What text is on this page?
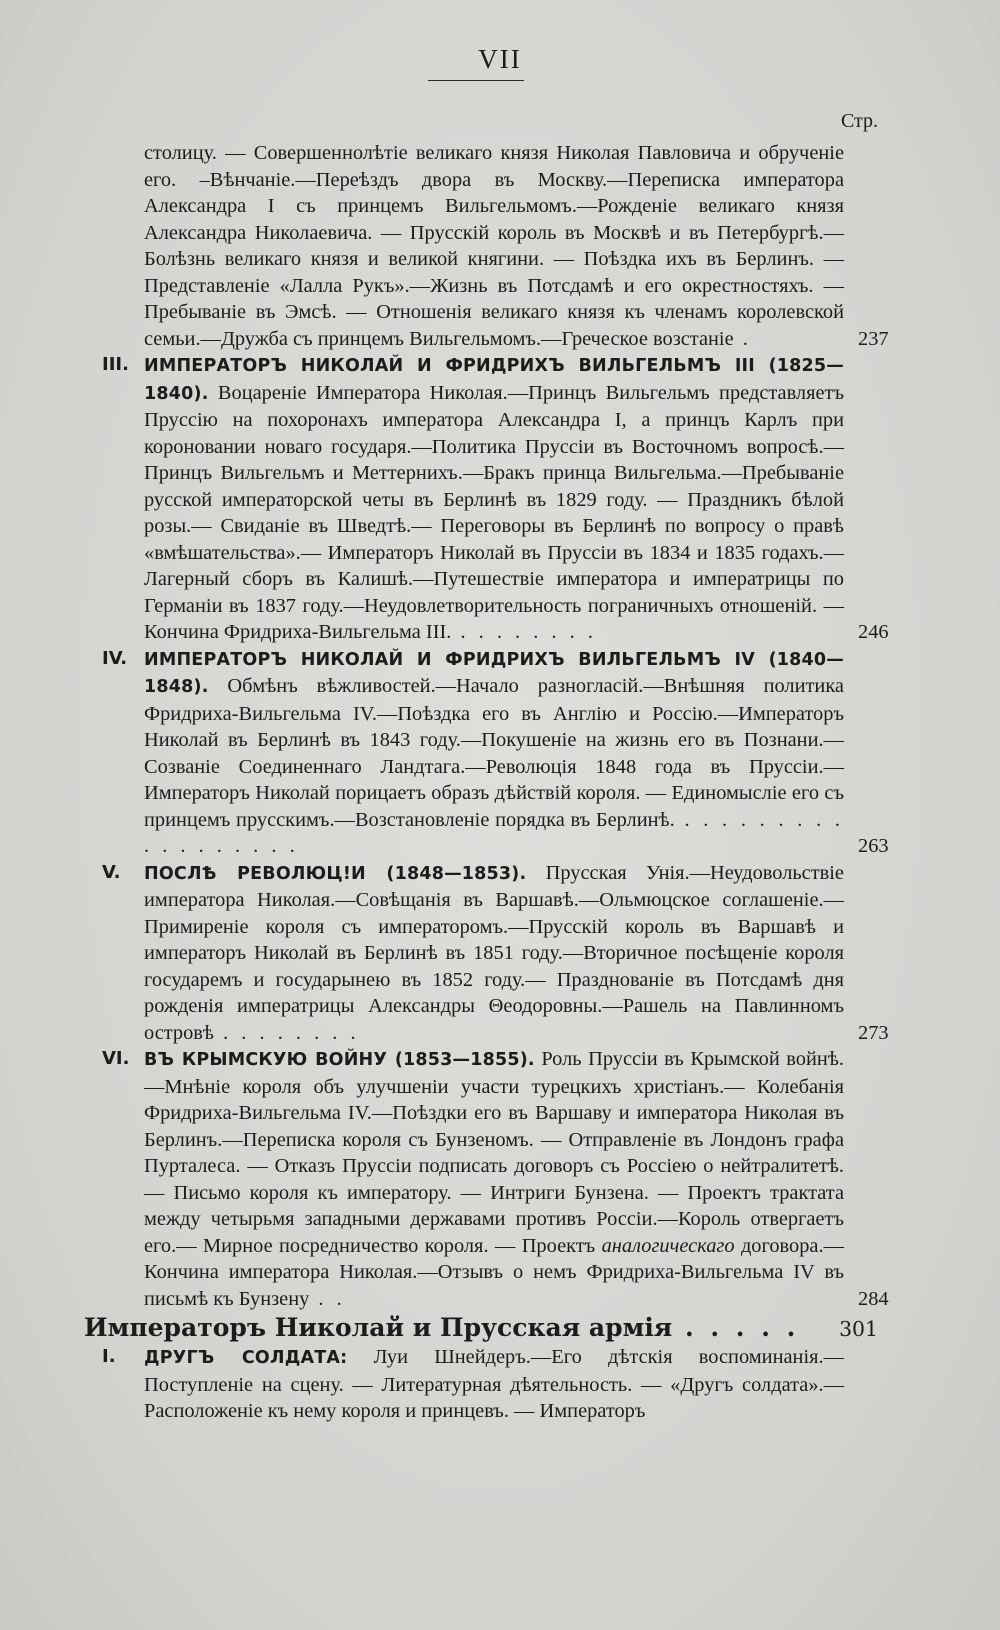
VII
Стр.
столицу. — Совершеннолѣтіе великаго князя Николая Павловича и обрученіе его. –Вѣнчаніе.—Переѣздъ двора въ Москву.—Переписка императора Александра I съ принцемъ Вильгельмомъ.—Рожденіе великаго князя Александра Николаевича. — Прусскій король въ Москвѣ и въ Петербургѣ.—Болѣзнь великаго князя и великой княгини. — Поѣздка ихъ въ Берлинъ. — Представленіе «Лалла Рукъ».—Жизнь въ Потсдамѣ и его окрестностяхъ. — Пребываніе въ Эмсѣ. — Отношенія великаго князя къ членамъ королевской семьи.—Дружба съ принцемъ Вильгельмомъ.—Греческое возстаніе .	237
III. ИМПЕРАТОРЪ НИКОЛАЙ И ФРИДРИХЪ ВИЛЬГЕЛЬМЪ III (1825—1840). Воцареніе Императора Николая.—Принцъ Вильгельмъ представляетъ Пруссію на похоронахъ императора Александра I, а принцъ Карлъ при короновании новаго государя.—Политика Пруссіи въ Восточномъ вопросѣ.—Принцъ Вильгельмъ и Меттернихъ.—Бракъ принца Вильгельма.—Пребываніе русской императорской четы въ Берлинѣ въ 1829 году. — Праздникъ бѣлой розы.— Свиданіе въ Шведтѣ.— Переговоры въ Берлинѣ по вопросу о правѣ «вмѣшательства».— Императоръ Николай въ Пруссіи въ 1834 и 1835 годахъ.—Лагерный сборъ въ Калишѣ.—Путешествіе императора и императрицы по Германіи въ 1837 году.—Неудовлетворительность пограничныхъ отношеній. — Кончина Фридриха-Вильгельма III. . . . . . . . .	246
IV. ИМПЕРАТОРЪ НИКОЛАЙ И ФРИДРИХЪ ВИЛЬГЕЛЬМЪ IV (1840—1848). Обмѣнъ вѣжливостей.—Начало разногласій.—Внѣшняя политика Фридриха-Вильгельма IV.—Поѣздка его въ Англію и Россію.—Императоръ Николай въ Берлинѣ въ 1843 году.—Покушеніе на жизнь его въ Познани.—Созваніе Соединеннаго Ландтага.—Революція 1848 года въ Пруссіи.—Императоръ Николай порицаетъ образъ дѣйствій короля. — Единомысліе его съ принцемъ прусскимъ.—Возстановленіе порядка въ Берлинѣ. . . . . . . . . . . . . . . . . . .	263
V. ПОСЛѢ РЕВОЛЮЦ!И (1848—1853). Прусская Унія.—Неудовольствіе императора Николая.—Совѣщанія въ Варшавѣ.—Ольмюцское соглашеніе.—Примиреніе короля съ императоромъ.—Прусскій король въ Варшавѣ и императоръ Николай въ Берлинѣ въ 1851 году.—Вторичное посѣщеніе короля государемъ и государынею въ 1852 году.— Празднованіе въ Потсдамѣ дня рожденія императрицы Александры Θеодоровны.—Рашель на Павлинномъ островѣ . . . . . . . .	273
VI. ВЪ КРЫМСКУЮ ВОЙНУ (1853—1855). Роль Пруссіи въ Крымской войнѣ.—Мнѣніе короля объ улучшеніи участи турецкихъ христіанъ.— Колебанія Фридриха-Вильгельма IV.—Поѣздки его въ Варшаву и императора Николая въ Берлинъ.—Переписка короля съ Бунзеномъ. — Отправленіе въ Лондонъ графа Пурталеса. — Отказъ Пруссіи подписать договоръ съ Россіею о нейтралитетѣ. — Письмо короля къ императору. — Интриги Бунзена. — Проектъ трактата между четырьмя западными державами противъ Россіи.—Король отвергаетъ его.— Мирное посредничество короля. — Проектъ аналогическаго договора.—Кончина императора Николая.—Отзывъ о немъ Фридриха-Вильгельма IV въ письмѣ къ Бунзену . .	284
Императоръ Николай и Прусская армія . . . . .	301
I. ДРУГЪ СОЛДАТА: Луи Шнейдеръ.—Его дѣтскія воспоминанія.—Поступленіе на сцену. — Литературная дѣятельность. — «Другъ солдата».— Расположеніе къ нему короля и принцевъ. — Императоръ
